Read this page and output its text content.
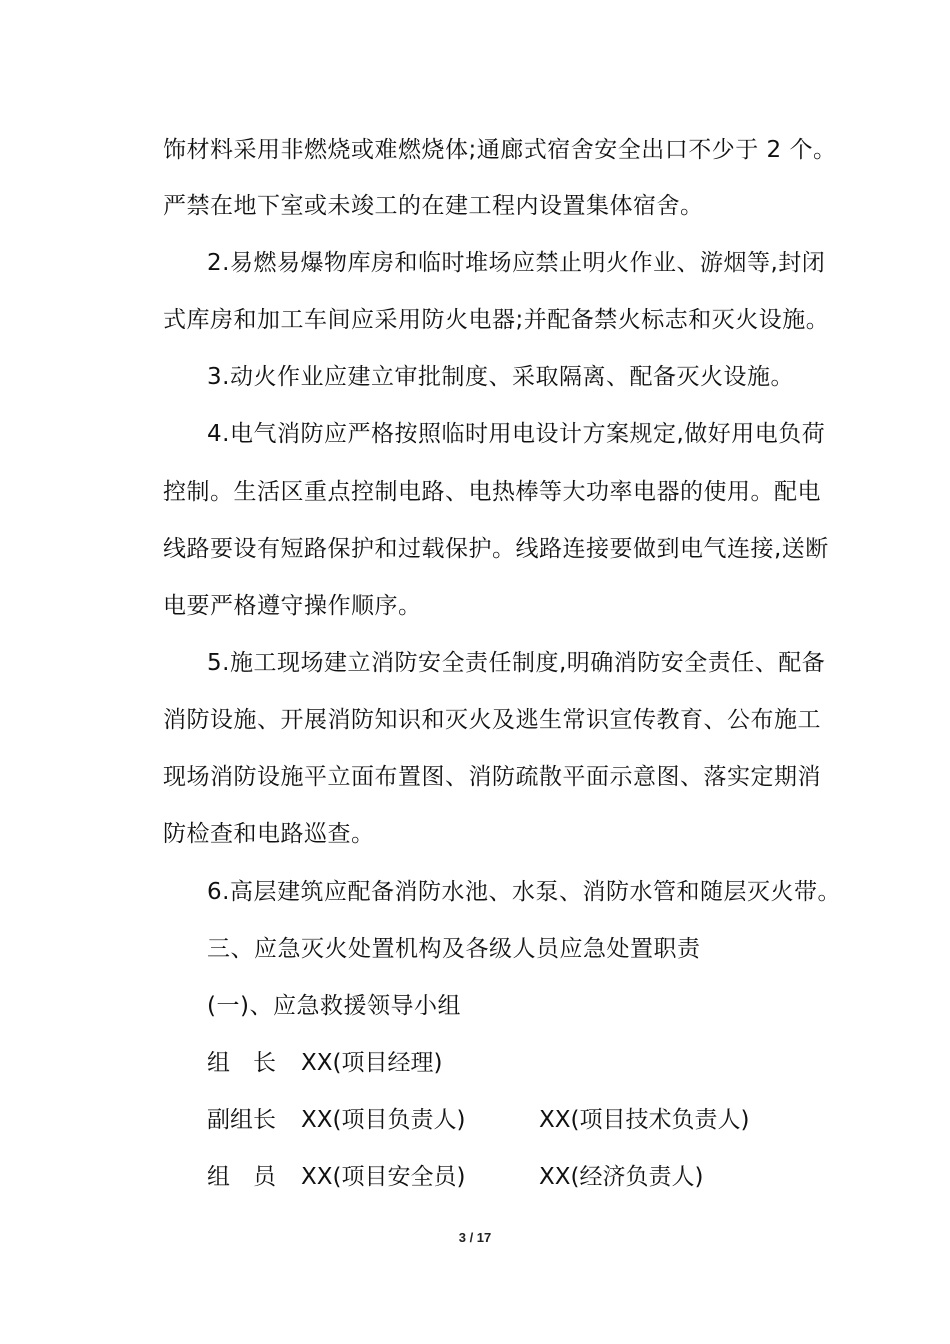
饰材料采用非燃烧或难燃烧体;通廊式宿舍安全出口不少于 2 个。
严禁在地下室或未竣工的在建工程内设置集体宿舍。
2.易燃易爆物库房和临时堆场应禁止明火作业、游烟等,封闭
式库房和加工车间应采用防火电器;并配备禁火标志和灭火设施。
3.动火作业应建立审批制度、采取隔离、配备灭火设施。
4.电气消防应严格按照临时用电设计方案规定,做好用电负荷
控制。生活区重点控制电路、电热棒等大功率电器的使用。配电
线路要设有短路保护和过载保护。线路连接要做到电气连接,送断
电要严格遵守操作顺序。
5.施工现场建立消防安全责任制度,明确消防安全责任、配备
消防设施、开展消防知识和灭火及逃生常识宣传教育、公布施工
现场消防设施平立面布置图、消防疏散平面示意图、落实定期消
防检查和电路巡查。
6.高层建筑应配备消防水池、水泵、消防水管和随层灭火带。
三、应急灭火处置机构及各级人员应急处置职责
(一)、应急救援领导小组
组　长 XX(项目经理)
副组长 XX(项目负责人)	XX(项目技术负责人)
组　员 XX(项目安全员)	XX(经济负责人)
3 / 17
